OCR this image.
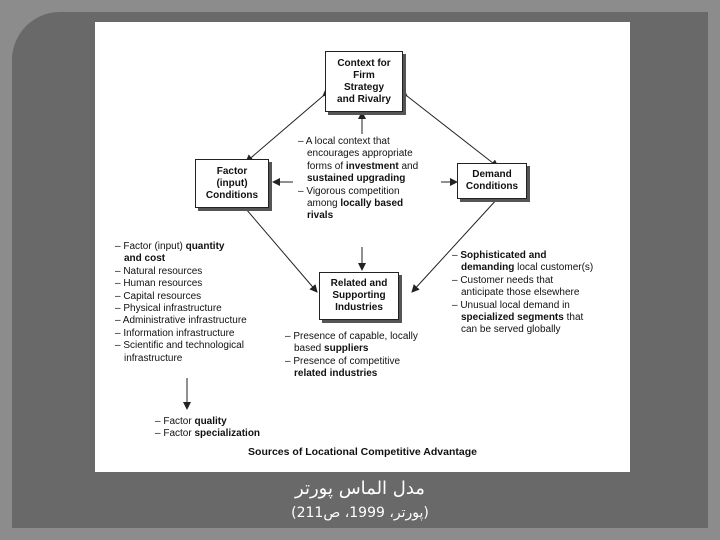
Context for
Firm
Strategy
and Rivalry
Factor
(input)
Conditions
Demand
Conditions
Related and
Supporting
Industries
– A local context that
encourages appropriate
forms of investment and
sustained upgrading
– Vigorous competition
among locally based
rivals
– Factor (input) quantity
and cost
– Natural resources
– Human resources
– Capital resources
– Physical infrastructure
– Administrative infrastructure
– Information infrastructure
– Scientific and technological
infrastructure
– Factor quality
– Factor specialization
– Sophisticated and
demanding local customer(s)
– Customer needs that
anticipate those elsewhere
– Unusual local demand in
specialized segments that
can be served globally
– Presence of capable, locally
based suppliers
– Presence of competitive
related industries
Sources of Locational Competitive Advantage
مدل الماس پورتر
(پورتر، 1999، ص211)
